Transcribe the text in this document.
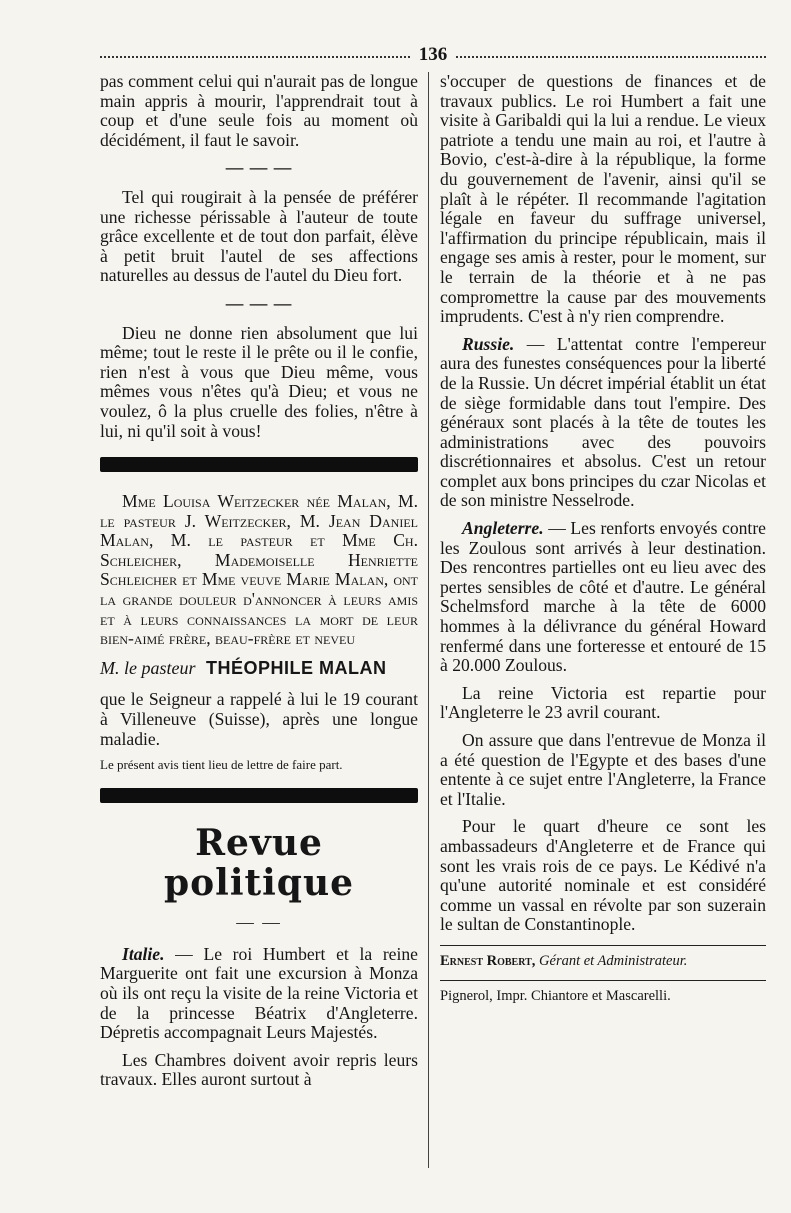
136

pas comment celui qui n'aurait pas de longue main appris à mourir, l'apprendrait tout à coup et d'une seule fois au moment où décidément, il faut le savoir.

— — —

Tel qui rougirait à la pensée de préférer une richesse périssable à l'auteur de toute grâce excellente et de tout don parfait, élève à petit bruit l'autel de ses affections naturelles au dessus de l'autel du Dieu fort.

— — —

Dieu ne donne rien absolument que lui même; tout le reste il le prête ou il le confie, rien n'est à vous que Dieu même, vous mêmes vous n'êtes qu'à Dieu; et vous ne voulez, ô la plus cruelle des folies, n'être à lui, ni qu'il soit à vous!

Mme Louisa Weitzecker née Malan, M. le pasteur J. Weitzecker, M. Jean Daniel Malan, M. le pasteur et Mme Ch. Schleicher, Mademoiselle Henriette Schleicher et Mme veuve Marie Malan, ont la grande douleur d'annoncer à leurs amis et à leurs connaissances la mort de leur bien-aimé frère, beau-frère et neveu

M. le pasteur THÉOPHILE MALAN

que le Seigneur a rappelé à lui le 19 courant à Villeneuve (Suisse), après une longue maladie.

Le présent avis tient lieu de lettre de faire part.
Revue politique
— —

Italie. — Le roi Humbert et la reine Marguerite ont fait une excursion à Monza où ils ont reçu la visite de la reine Victoria et de la princesse Béatrix d'Angleterre. Dépretis accompagnait Leurs Majestés.

Les Chambres doivent avoir repris leurs travaux. Elles auront surtout à

s'occuper de questions de finances et de travaux publics. Le roi Humbert a fait une visite à Garibaldi qui la lui a rendue. Le vieux patriote a tendu une main au roi, et l'autre à Bovio, c'est-à-dire à la république, la forme du gouvernement de l'avenir, ainsi qu'il se plaît à le répéter. Il recommande l'agitation légale en faveur du suffrage universel, l'affirmation du principe républicain, mais il engage ses amis à rester, pour le moment, sur le terrain de la théorie et à ne pas compromettre la cause par des mouvements imprudents. C'est à n'y rien comprendre.

Russie. — L'attentat contre l'empereur aura des funestes conséquences pour la liberté de la Russie. Un décret impérial établit un état de siège formidable dans tout l'empire. Des généraux sont placés à la tête de toutes les administrations avec des pouvoirs discrétionnaires et absolus. C'est un retour complet aux bons principes du czar Nicolas et de son ministre Nesselrode.

Angleterre. — Les renforts envoyés contre les Zoulous sont arrivés à leur destination. Des rencontres partielles ont eu lieu avec des pertes sensibles de côté et d'autre. Le général Schelmsford marche à la tête de 6000 hommes à la délivrance du général Howard renfermé dans une forteresse et entouré de 15 à 20.000 Zoulous.

La reine Victoria est repartie pour l'Angleterre le 23 avril courant.

On assure que dans l'entrevue de Monza il a été question de l'Egypte et des bases d'une entente à ce sujet entre l'Angleterre, la France et l'Italie.

Pour le quart d'heure ce sont les ambassadeurs d'Angleterre et de France qui sont les vrais rois de ce pays. Le Kédivé n'a qu'une autorité nominale et est considéré comme un vassal en révolte par son suzerain le sultan de Constantinople.

Ernest Robert, Gérant et Administrateur.
Pignerol, Impr. Chiantore et Mascarelli.
